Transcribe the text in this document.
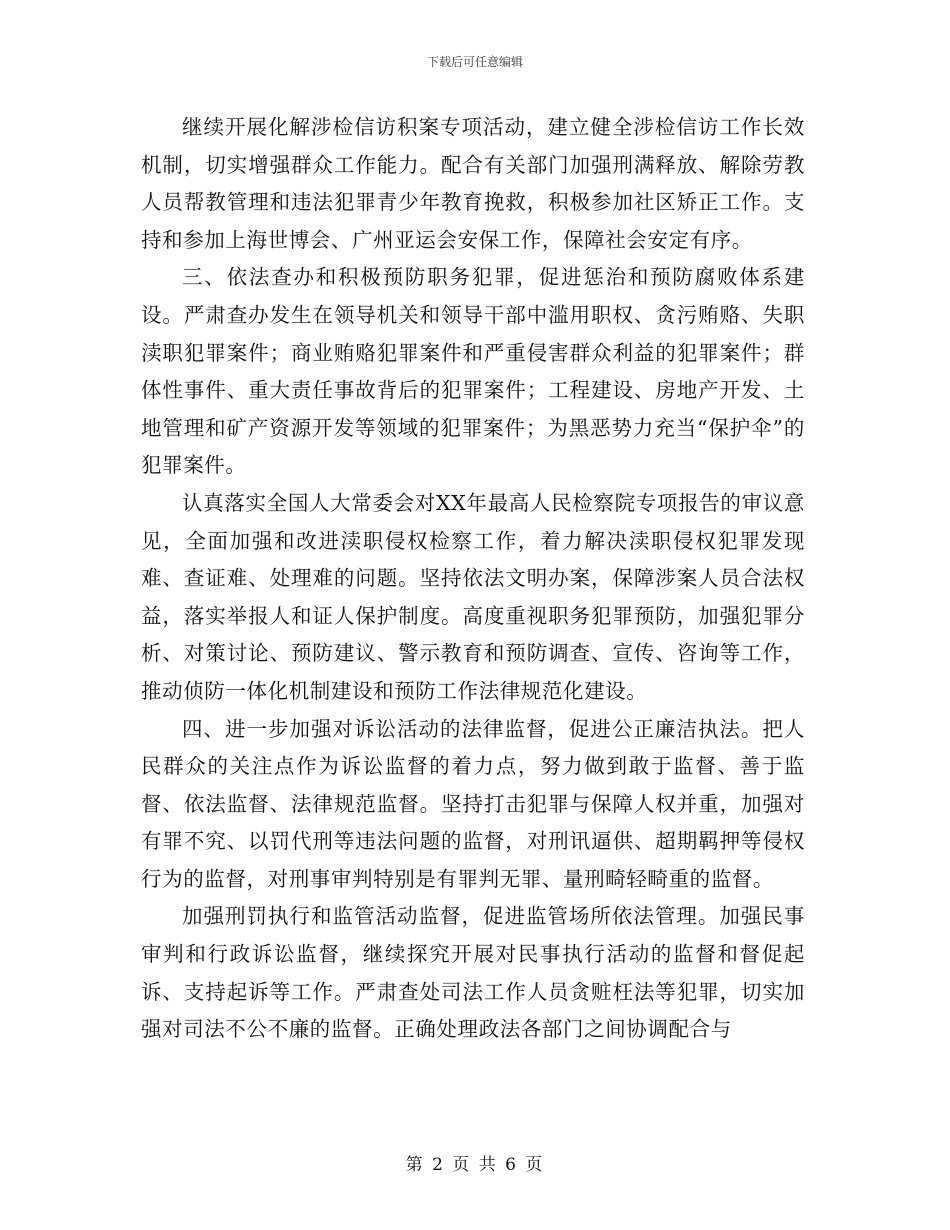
下载后可任意编辑

继续开展化解涉检信访积案专项活动，建立健全涉检信访工作长效机制，切实增强群众工作能力。配合有关部门加强刑满释放、解除劳教人员帮教管理和违法犯罪青少年教育挽救，积极参加社区矫正工作。支持和参加上海世博会、广州亚运会安保工作，保障社会安定有序。

三、依法查办和积极预防职务犯罪，促进惩治和预防腐败体系建设。严肃查办发生在领导机关和领导干部中滥用职权、贪污贿赂、失职渎职犯罪案件；商业贿赂犯罪案件和严重侵害群众利益的犯罪案件；群体性事件、重大责任事故背后的犯罪案件；工程建设、房地产开发、土地管理和矿产资源开发等领域的犯罪案件；为黑恶势力充当“保护伞”的犯罪案件。

认真落实全国人大常委会对XX年最高人民检察院专项报告的审议意见，全面加强和改进渎职侵权检察工作，着力解决渎职侵权犯罪发现难、查证难、处理难的问题。坚持依法文明办案，保障涉案人员合法权益，落实举报人和证人保护制度。高度重视职务犯罪预防，加强犯罪分析、对策讨论、预防建议、警示教育和预防调查、宣传、咨询等工作，推动侦防一体化机制建设和预防工作法律规范化建设。

四、进一步加强对诉讼活动的法律监督，促进公正廉洁执法。把人民群众的关注点作为诉讼监督的着力点，努力做到敢于监督、善于监督、依法监督、法律规范监督。坚持打击犯罪与保障人权并重，加强对有罪不究、以罚代刑等违法问题的监督，对刑讯逼供、超期羁押等侵权行为的监督，对刑事审判特别是有罪判无罪、量刑畸轻畸重的监督。

加强刑罚执行和监管活动监督，促进监管场所依法管理。加强民事审判和行政诉讼监督，继续探究开展对民事执行活动的监督和督促起诉、支持起诉等工作。严肃查处司法工作人员贪赃枉法等犯罪，切实加强对司法不公不廉的监督。正确处理政法各部门之间协调配合与

第 2 页 共 6 页
